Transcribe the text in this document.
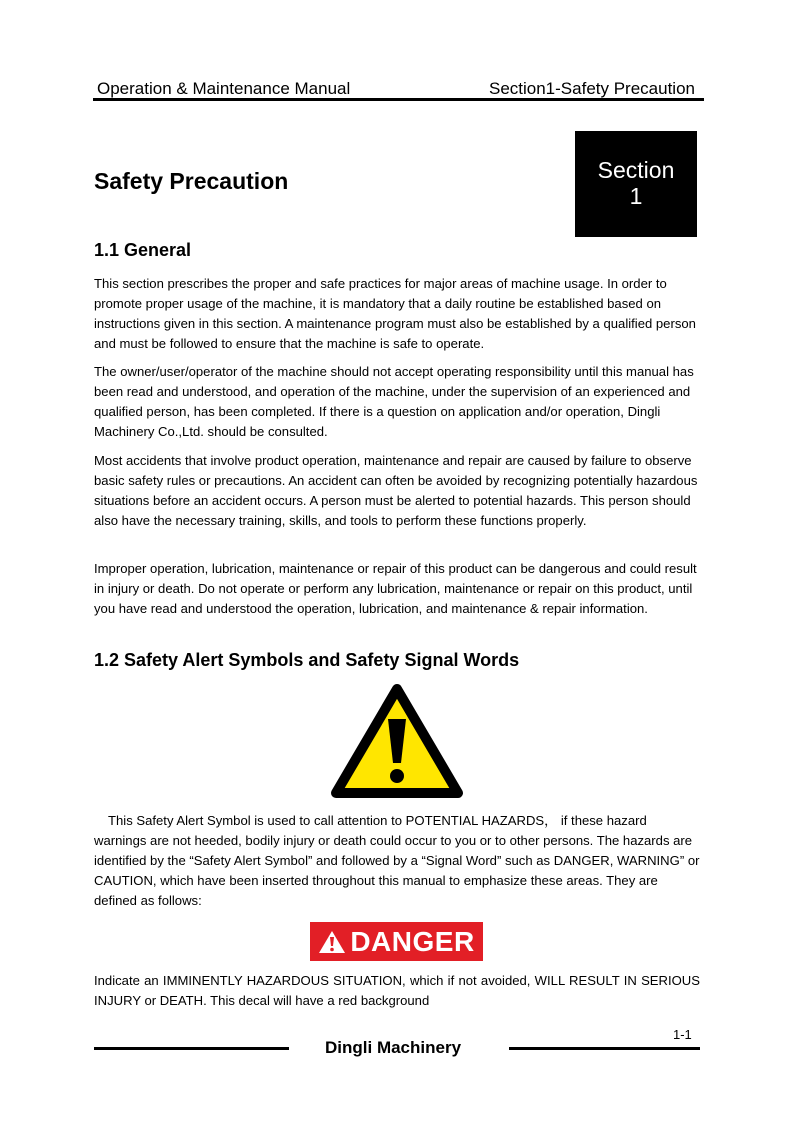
Operation & Maintenance Manual	Section1-Safety Precaution
Safety Precaution	Section
1
1.1 General

This section prescribes the proper and safe practices for major areas of machine usage. In order to promote proper usage of the machine, it is mandatory that a daily routine be established based on instructions given in this section. A maintenance program must also be established by a qualified person and must be followed to ensure that the machine is safe to operate.

The owner/user/operator of the machine should not accept operating responsibility until this manual has been read and understood, and operation of the machine, under the supervision of an experienced and qualified person, has been completed. If there is a question on application and/or operation, Dingli Machinery Co.,Ltd. should be consulted.

Most accidents that involve product operation, maintenance and repair are caused by failure to observe basic safety rules or precautions. An accident can often be avoided by recognizing potentially hazardous situations before an accident occurs. A person must be alerted to potential hazards. This person should also have the necessary training, skills, and tools to perform these functions properly.

Improper operation, lubrication, maintenance or repair of this product can be dangerous and could result in injury or death. Do not operate or perform any lubrication, maintenance or repair on this product, until you have read and understood the operation, lubrication, and maintenance & repair information.

1.2 Safety Alert Symbols and Safety Signal Words

This Safety Alert Symbol is used to call attention to POTENTIAL HAZARDS， if these hazard warnings are not heeded, bodily injury or death could occur to you or to other persons. The hazards are identified by the “Safety Alert Symbol” and followed by a “Signal Word” such as DANGER, WARNING” or CAUTION, which have been inserted throughout this manual to emphasize these areas. They are defined as follows:

DANGER

Indicate an IMMINENTLY HAZARDOUS SITUATION, which if not avoided, WILL RESULT IN SERIOUS INJURY or DEATH. This decal will have a red background

Dingli Machinery
1-1
